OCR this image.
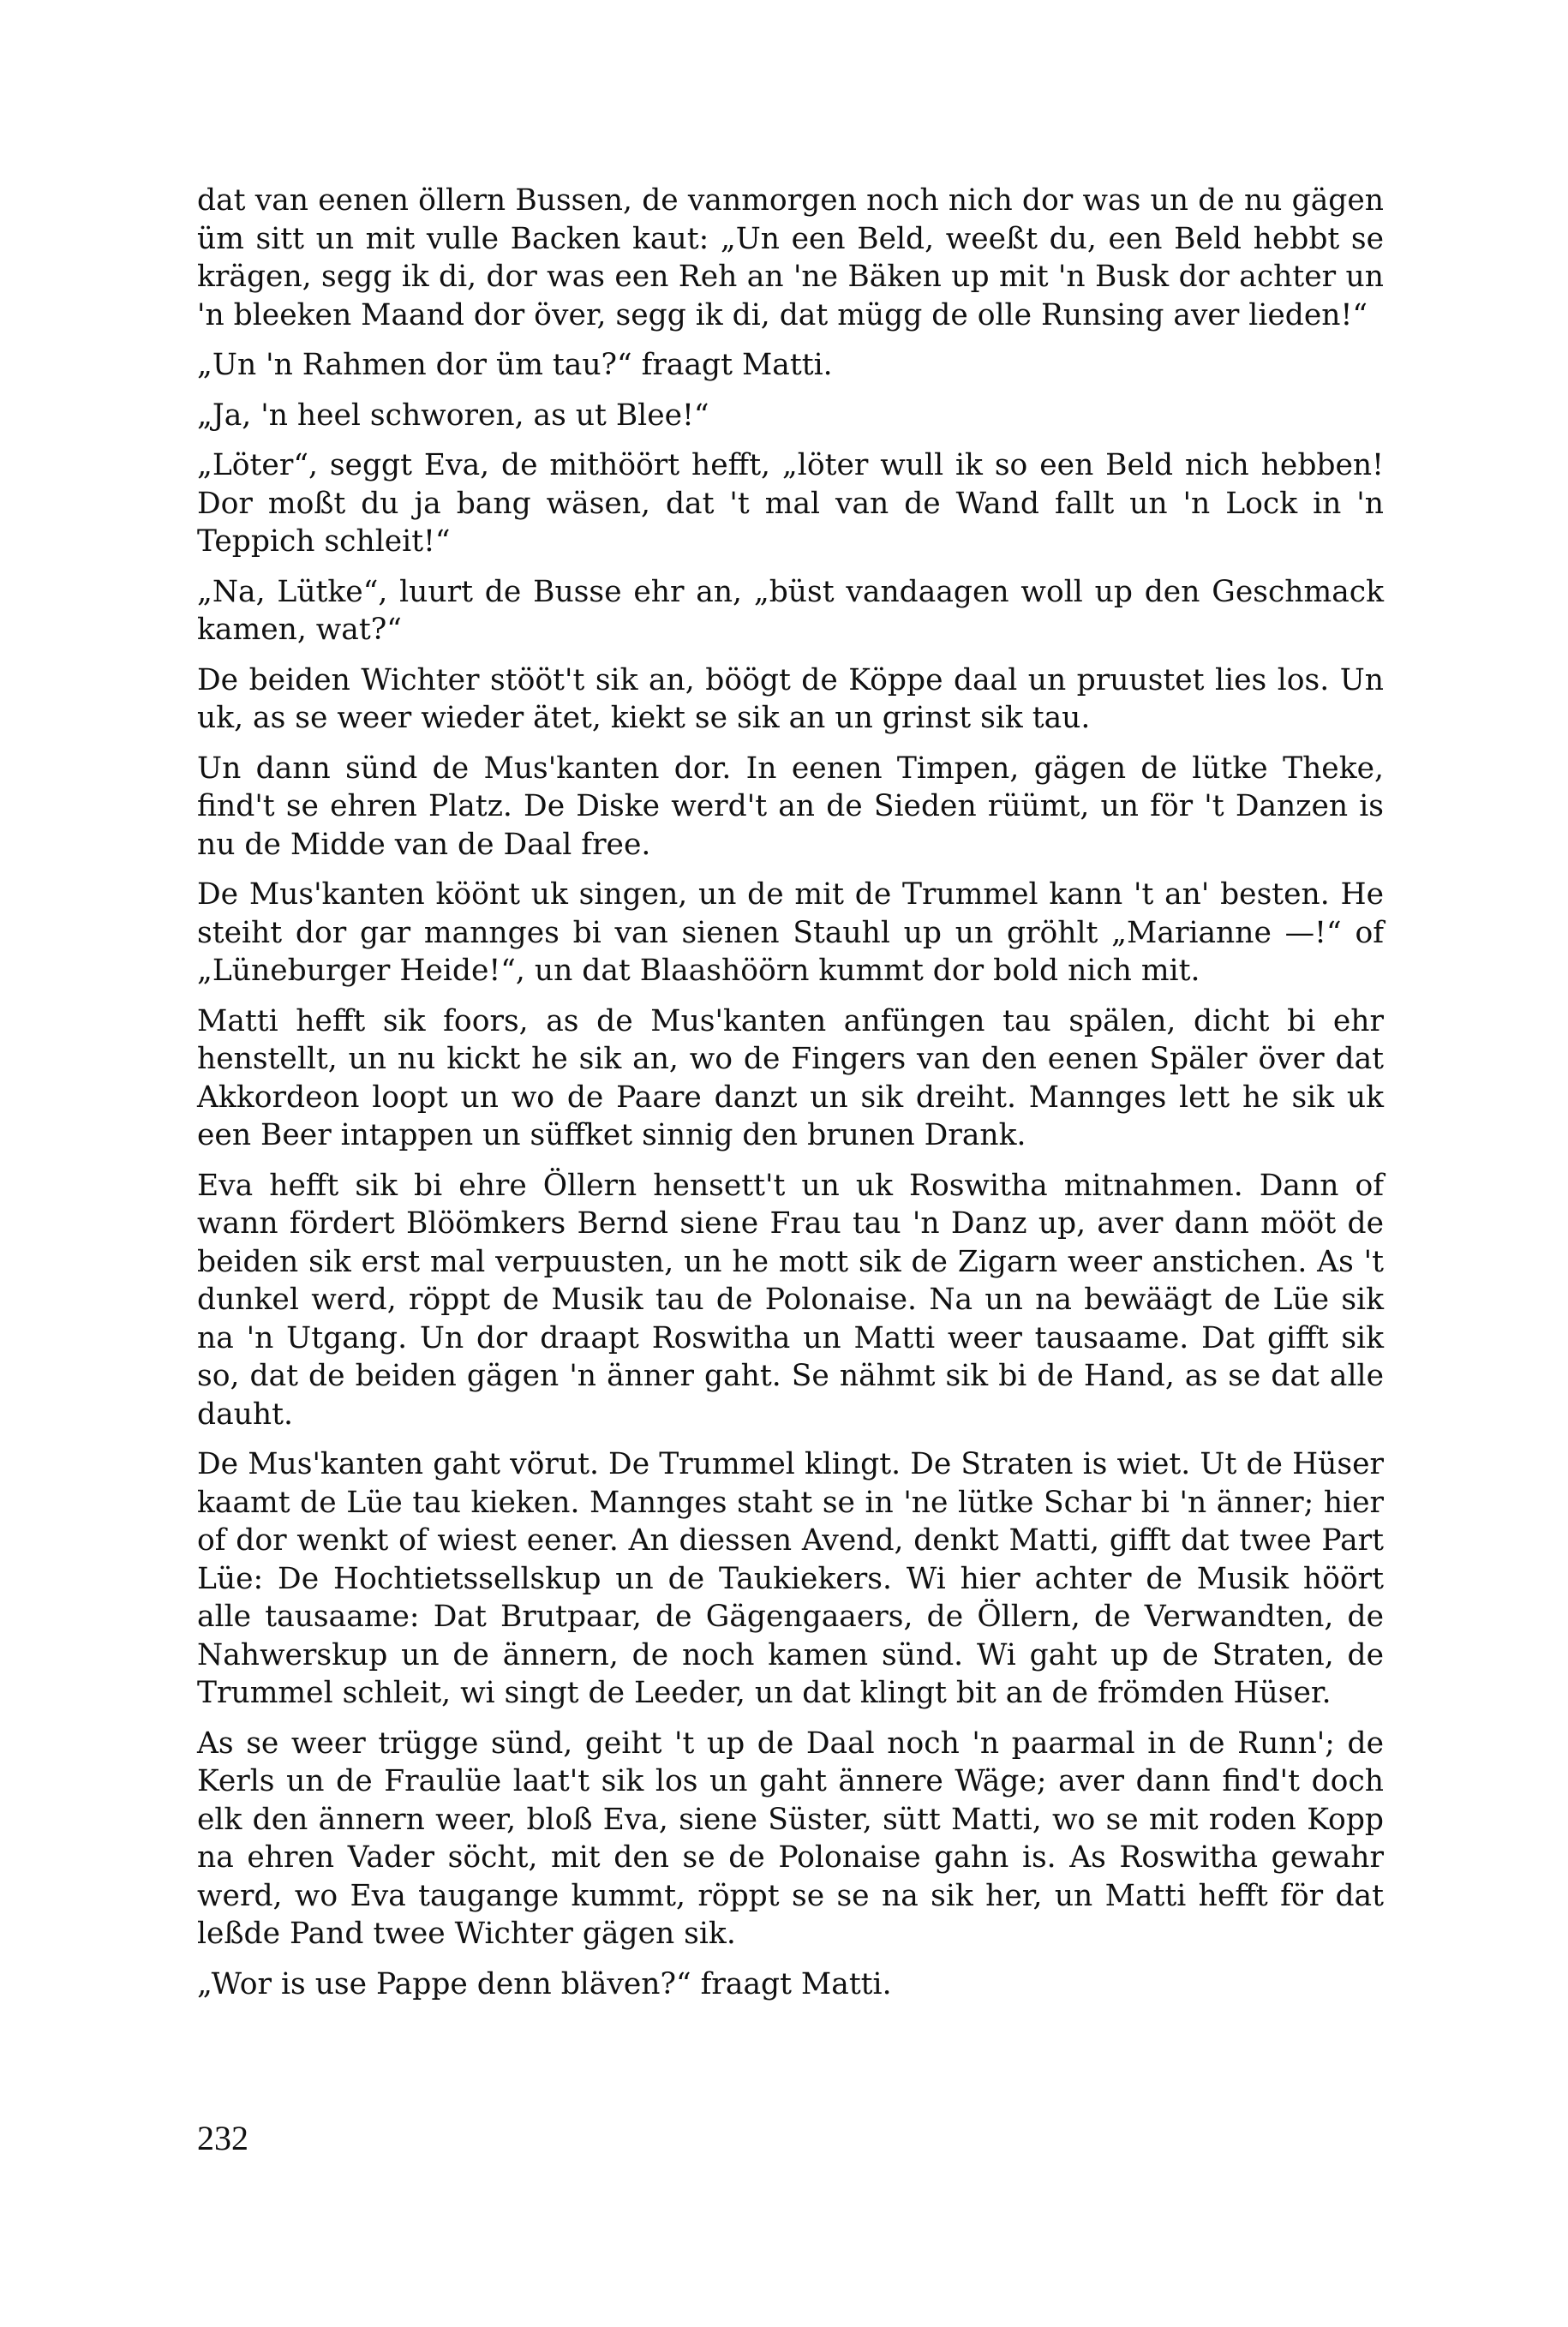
dat van eenen öllern Bussen, de vanmorgen noch nich dor was un de nu gägen üm sitt un mit vulle Backen kaut: „Un een Beld, weeßt du, een Beld hebbt se krägen, segg ik di, dor was een Reh an 'ne Bäken up mit 'n Busk dor achter un 'n bleeken Maand dor över, segg ik di, dat mügg de olle Runsing aver lieden!“

„Un 'n Rahmen dor üm tau?“ fraagt Matti.

„Ja, 'n heel schworen, as ut Blee!“

„Löter“, seggt Eva, de mithöört hefft, „löter wull ik so een Beld nich hebben! Dor moßt du ja bang wäsen, dat 't mal van de Wand fallt un 'n Lock in 'n Teppich schleit!“

„Na, Lütke“, luurt de Busse ehr an, „büst vandaagen woll up den Geschmack kamen, wat?“

De beiden Wichter stööt't sik an, böögt de Köppe daal un pruustet lies los. Un uk, as se weer wieder ätet, kiekt se sik an un grinst sik tau.

Un dann sünd de Mus'kanten dor. In eenen Timpen, gägen de lütke Theke, find't se ehren Platz. De Diske werd't an de Sieden rüümt, un för 't Danzen is nu de Midde van de Daal free.

De Mus'kanten köönt uk singen, un de mit de Trummel kann 't an' besten. He steiht dor gar mannges bi van sienen Stauhl up un gröhlt „Marianne —!“ of „Lüneburger Heide!“, un dat Blaashöörn kummt dor bold nich mit.

Matti hefft sik foors, as de Mus'kanten anfüngen tau spälen, dicht bi ehr henstellt, un nu kickt he sik an, wo de Fingers van den eenen Späler över dat Akkordeon loopt un wo de Paare danzt un sik dreiht. Mannges lett he sik uk een Beer intappen un süffket sinnig den brunen Drank.

Eva hefft sik bi ehre Öllern hensett't un uk Roswitha mitnahmen. Dann of wann fördert Blöömkers Bernd siene Frau tau 'n Danz up, aver dann mööt de beiden sik erst mal verpuusten, un he mott sik de Zigarn weer anstichen. As 't dunkel werd, röppt de Musik tau de Polonaise. Na un na bewäägt de Lüe sik na 'n Utgang. Un dor draapt Roswitha un Matti weer tausaame. Dat gifft sik so, dat de beiden gägen 'n änner gaht. Se nähmt sik bi de Hand, as se dat alle dauht.

De Mus'kanten gaht vörut. De Trummel klingt. De Straten is wiet. Ut de Hüser kaamt de Lüe tau kieken. Mannges staht se in 'ne lütke Schar bi 'n änner; hier of dor wenkt of wiest eener. An diessen Avend, denkt Matti, gifft dat twee Part Lüe: De Hochtietssellskup un de Taukiekers. Wi hier achter de Musik höört alle tausaame: Dat Brutpaar, de Gägengaaers, de Öllern, de Verwandten, de Nahwerskup un de ännern, de noch kamen sünd. Wi gaht up de Straten, de Trummel schleit, wi singt de Leeder, un dat klingt bit an de frömden Hüser.

As se weer trügge sünd, geiht 't up de Daal noch 'n paarmal in de Runn'; de Kerls un de Fraulüe laat't sik los un gaht ännere Wäge; aver dann find't doch elk den ännern weer, bloß Eva, siene Süster, sütt Matti, wo se mit roden Kopp na ehren Vader söcht, mit den se de Polonaise gahn is. As Roswitha gewahr werd, wo Eva taugange kummt, röppt se se na sik her, un Matti hefft för dat leßde Pand twee Wichter gägen sik.

„Wor is use Pappe denn bläven?“ fraagt Matti.

232
